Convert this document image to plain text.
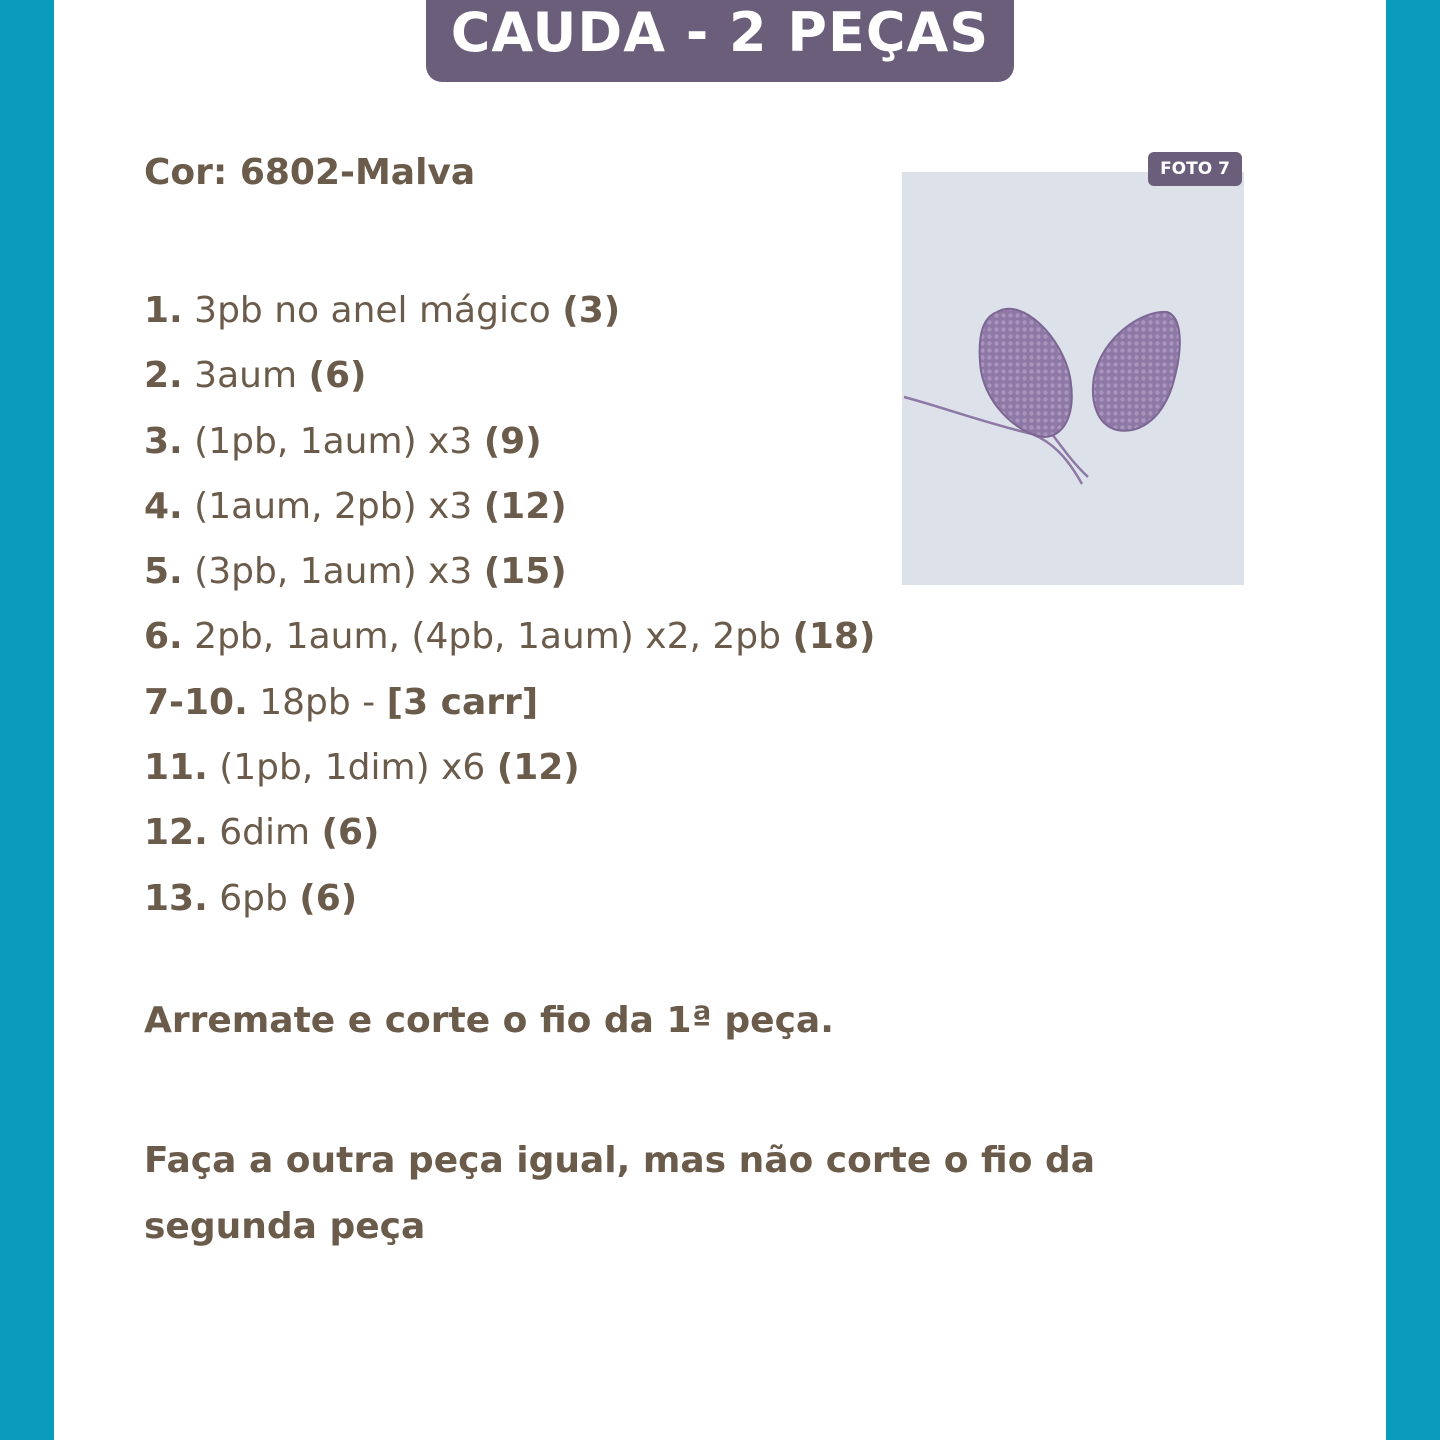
CAUDA - 2 PEÇAS
Cor: 6802-Malva
1. 3pb no anel mágico (3)
2. 3aum (6)
3. (1pb, 1aum) x3 (9)
4. (1aum, 2pb) x3 (12)
5. (3pb, 1aum) x3 (15)
6. 2pb, 1aum, (4pb, 1aum) x2, 2pb (18)
7-10. 18pb - [3 carr]
11. (1pb, 1dim) x6 (12)
12. 6dim (6)
13. 6pb (6)
Arremate e corte o fio da 1ª peça.
Faça a outra peça igual, mas não corte o fio da segunda peça
FOTO 7
